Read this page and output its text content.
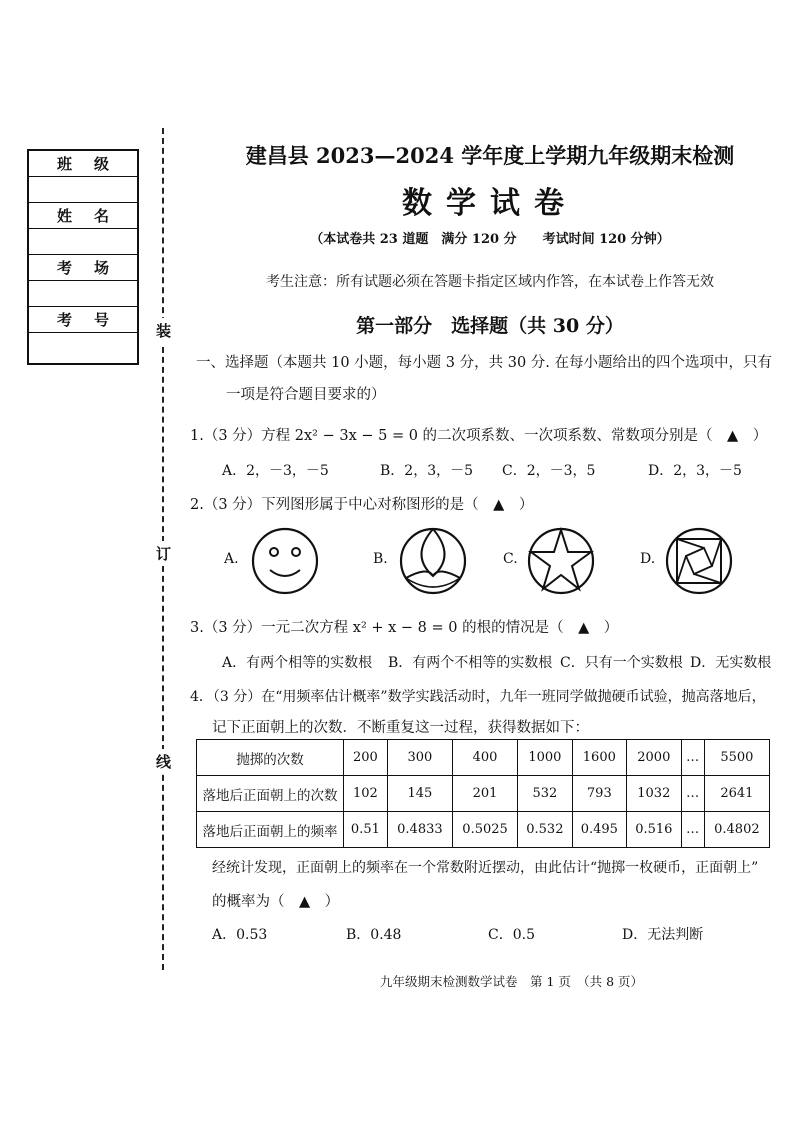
班级
姓名
考场
考号
装
订
线
建昌县 2023—2024 学年度上学期九年级期末检测
数学试卷
（本试卷共 23 道题　满分 120 分　　考试时间 120 分钟）
考生注意：所有试题必须在答题卡指定区域内作答，在本试卷上作答无效
第一部分　选择题（共 30 分）
一、选择题（本题共 10 小题，每小题 3 分，共 30 分. 在每小题给出的四个选项中，只有
一项是符合题目要求的）
1.（3 分）方程 2x² − 3x − 5 = 0 的二次项系数、一次项系数、常数项分别是（　▲　）
A．2，－3，－5	B．2，3，－5 C．2，－3，5	D．2，3，－5
2.（3 分）下列图形属于中心对称图形的是（　▲　）
A.	B.	C.	D.
3.（3 分）一元二次方程 x² + x − 8 = 0 的根的情况是（　▲　）
A．有两个相等的实数根 B．有两个不相等的实数根 C．只有一个实数根 D．无实数根
4．（3 分）在“用频率估计概率”数学实践活动时，九年一班同学做抛硬币试验，抛高落地后，
记下正面朝上的次数．不断重复这一过程，获得数据如下：
抛掷的次数	200	300	400	1000	1600	2000	…	5500
落地后正面朝上的次数	102	145	201	532	793	1032	…	2641
落地后正面朝上的频率	0.51	0.4833	0.5025	0.532	0.495	0.516	…	0.4802
经统计发现，正面朝上的频率在一个常数附近摆动，由此估计“抛掷一枚硬币，正面朝上”
的概率为（　▲　）
A．0.53	B．0.48	C．0.5	D．无法判断
九年级期末检测数学试卷　第 1 页　（共 8 页）
